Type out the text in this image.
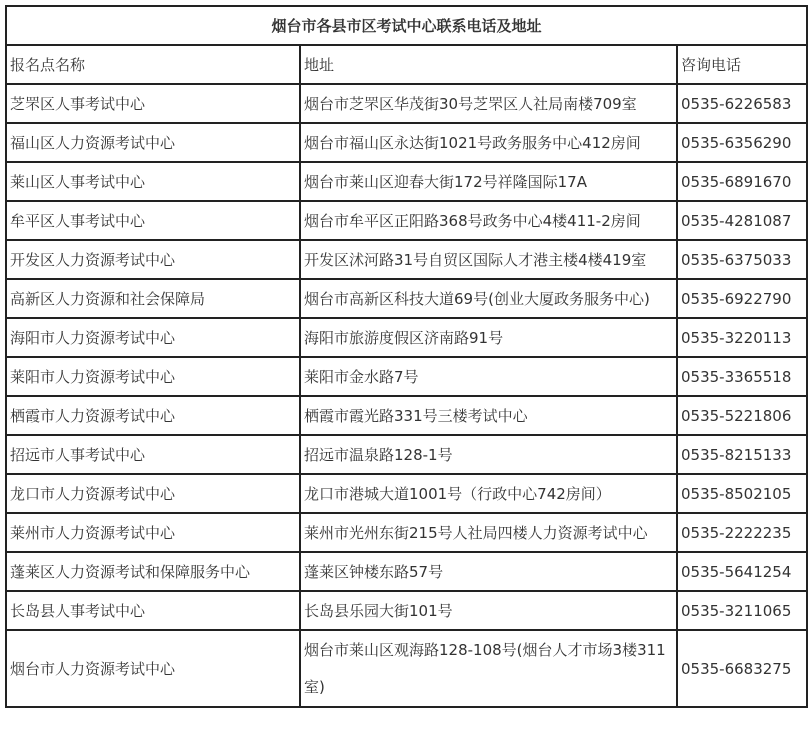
烟台市各县市区考试中心联系电话及地址		
报名点名称	地址	咨询电话
芝罘区人事考试中心	烟台市芝罘区华茂街30号芝罘区人社局南楼709室	0535-6226583
福山区人力资源考试中心	烟台市福山区永达街1021号政务服务中心412房间	0535-6356290
莱山区人事考试中心	烟台市莱山区迎春大街172号祥隆国际17A	0535-6891670
牟平区人事考试中心	烟台市牟平区正阳路368号政务中心4楼411-2房间	0535-4281087
开发区人力资源考试中心	开发区沭河路31号自贸区国际人才港主楼4楼419室	0535-6375033
高新区人力资源和社会保障局	烟台市高新区科技大道69号(创业大厦政务服务中心)	0535-6922790
海阳市人力资源考试中心	海阳市旅游度假区济南路91号	0535-3220113
莱阳市人力资源考试中心	莱阳市金水路7号	0535-3365518
栖霞市人力资源考试中心	栖霞市霞光路331号三楼考试中心	0535-5221806
招远市人事考试中心	招远市温泉路128-1号	0535-8215133
龙口市人力资源考试中心	龙口市港城大道1001号（行政中心742房间）	0535-8502105
莱州市人力资源考试中心	莱州市光州东街215号人社局四楼人力资源考试中心	0535-2222235
蓬莱区人力资源考试和保障服务中心	蓬莱区钟楼东路57号	0535-5641254
长岛县人事考试中心	长岛县乐园大街101号	0535-3211065
烟台市人力资源考试中心	烟台市莱山区观海路128-108号(烟台人才市场3楼311室)	0535-6683275
